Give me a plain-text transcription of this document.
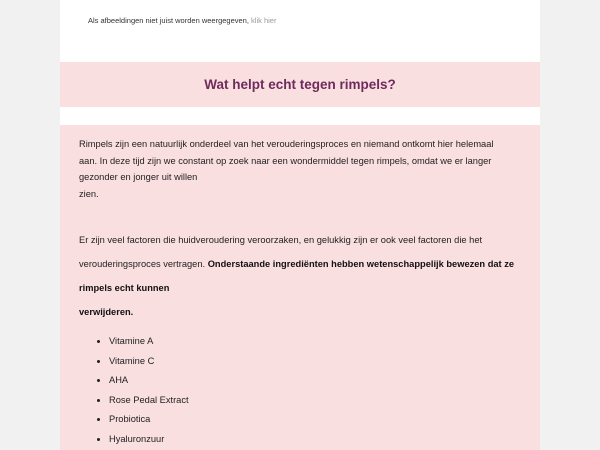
Als afbeeldingen niet juist worden weergegeven, klik hier
Wat helpt echt tegen rimpels?

Rimpels zijn een natuurlijk onderdeel van het verouderingsproces en niemand ontkomt hier helemaal
aan. In deze tijd zijn we constant op zoek naar een wondermiddel tegen rimpels, omdat we er langer
gezonder en jonger uit willen
zien.

Er zijn veel factoren die huidveroudering veroorzaken, en gelukkig zijn er ook veel factoren die het
verouderingsproces vertragen. Onderstaande ingrediënten hebben wetenschappelijk bewezen dat ze
rimpels echt kunnen
verwijderen.

• Vitamine A
• Vitamine C
• AHA
• Rose Pedal Extract
• Probiotica
• Hyaluronzuur
